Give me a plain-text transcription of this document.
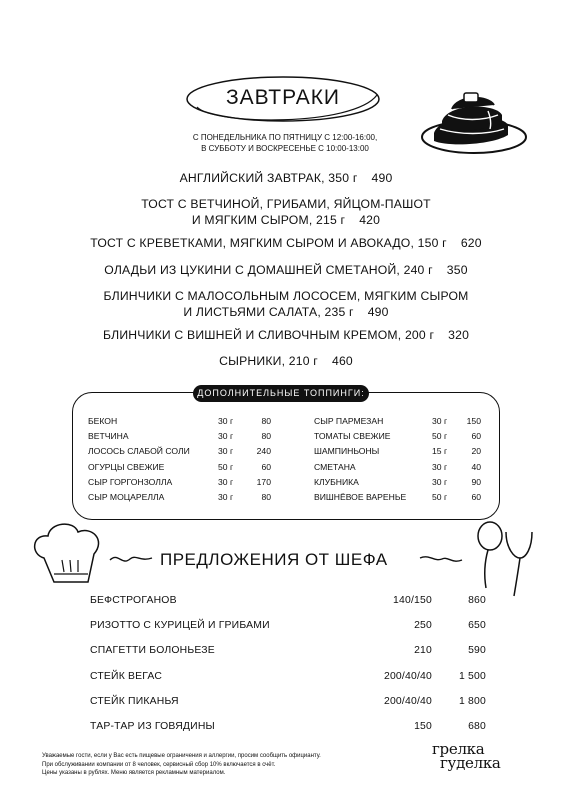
ЗАВТРАКИ
С ПОНЕДЕЛЬНИКА ПО ПЯТНИЦУ С 12:00-16:00,
В СУББОТУ И ВОСКРЕСЕНЬЕ С 10:00-13:00
АНГЛИЙСКИЙ ЗАВТРАК, 350 г 490
ТОСТ С ВЕТЧИНОЙ, ГРИБАМИ, ЯЙЦОМ-ПАШОТ
И МЯГКИМ СЫРОМ, 215 г 420
ТОСТ С КРЕВЕТКАМИ, МЯГКИМ СЫРОМ И АВОКАДО, 150 г 620
ОЛАДЬИ ИЗ ЦУКИНИ С ДОМАШНЕЙ СМЕТАНОЙ, 240 г 350
БЛИНЧИКИ С МАЛОСОЛЬНЫМ ЛОСОСЕМ, МЯГКИМ СЫРОМ
И ЛИСТЬЯМИ САЛАТА, 235 г 490
БЛИНЧИКИ С ВИШНЕЙ И СЛИВОЧНЫМ КРЕМОМ, 200 г 320
СЫРНИКИ, 210 г 460
ДОПОЛНИТЕЛЬНЫЕ ТОППИНГИ:
БЕКОН	30 г	80
ВЕТЧИНА	30 г	80
ЛОСОСЬ СЛАБОЙ СОЛИ	30 г	240
ОГУРЦЫ СВЕЖИЕ	50 г	60
СЫР ГОРГОНЗОЛЛА	30 г	170
СЫР МОЦАРЕЛЛА	30 г	80
СЫР ПАРМЕЗАН	30 г 150
ТОМАТЫ СВЕЖИЕ	50 г	60
ШАМПИНЬОНЫ	15 г	20
СМЕТАНА	30 г	40
КЛУБНИКА	30 г	90
ВИШНЁВОЕ ВАРЕНЬЕ	50 г	60
ПРЕДЛОЖЕНИЯ ОТ ШЕФА
БЕФСТРОГАНОВ	140/150	860
РИЗОТТО С КУРИЦЕЙ И ГРИБАМИ	250	650
СПАГЕТТИ БОЛОНЬЕЗЕ	210	590
СТЕЙК ВЕГАС	200/40/40	1 500
СТЕЙК ПИКАНЬЯ	200/40/40	1 800
ТАР-ТАР ИЗ ГОВЯДИНЫ	150	680
Уважаемые гости, если у Вас есть пищевые ограничения и аллергии, просим сообщить официанту.
При обслуживании компании от 8 человек, сервисный сбор 10% включается в счёт.
Цены указаны в рублях. Меню является рекламным материалом.
грелка
гуделка
